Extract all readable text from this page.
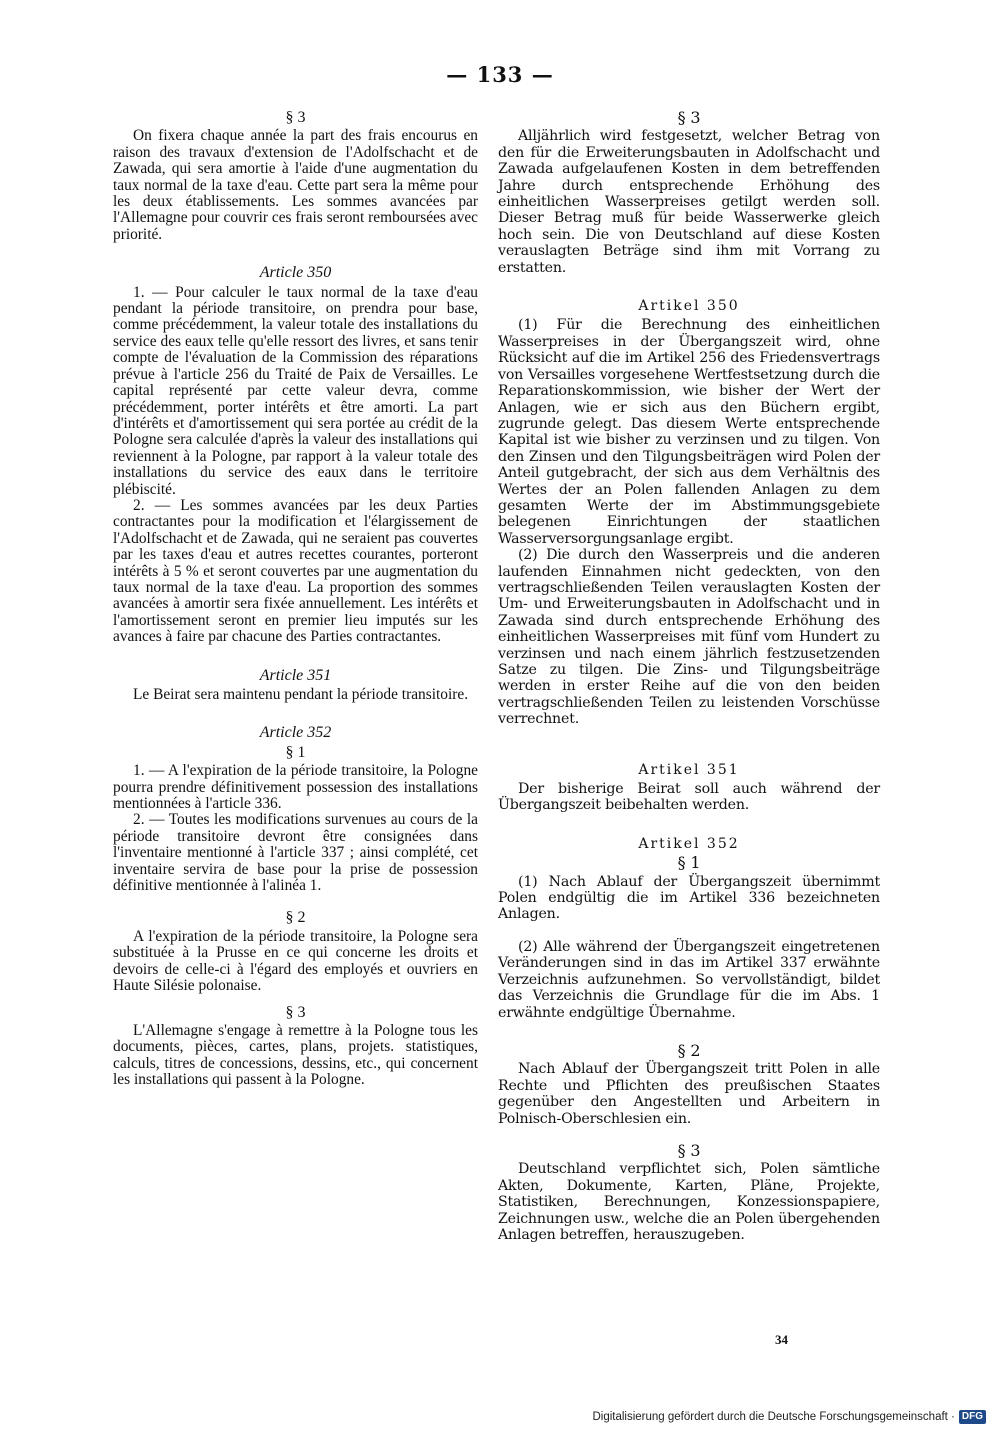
— 133 —
§ 3

On fixera chaque année la part des frais encourus en raison des travaux d'extension de l'Adolfschacht et de Zawada, qui sera amortie à l'aide d'une augmentation du taux normal de la taxe d'eau. Cette part sera la même pour les deux établissements. Les sommes avancées par l'Allemagne pour couvrir ces frais seront remboursées avec priorité.

Article 350

1. — Pour calculer le taux normal de la taxe d'eau pendant la période transitoire, on prendra pour base, comme précédemment, la valeur totale des installations du service des eaux telle qu'elle ressort des livres, et sans tenir compte de l'évaluation de la Commission des réparations prévue à l'article 256 du Traité de Paix de Versailles. Le capital représenté par cette valeur devra, comme précédemment, porter intérêts et être amorti. La part d'intérêts et d'amortissement qui sera portée au crédit de la Pologne sera calculée d'après la valeur des installations qui reviennent à la Pologne, par rapport à la valeur totale des installations du service des eaux dans le territoire plébiscité.

2. — Les sommes avancées par les deux Parties contractantes pour la modification et l'élargissement de l'Adolfschacht et de Zawada, qui ne seraient pas couvertes par les taxes d'eau et autres recettes courantes, porteront intérêts à 5 % et seront couvertes par une augmentation du taux normal de la taxe d'eau. La proportion des sommes avancées à amortir sera fixée annuellement. Les intérêts et l'amortissement seront en premier lieu imputés sur les avances à faire par chacune des Parties contractantes.

Article 351

Le Beirat sera maintenu pendant la période transitoire.

Article 352
§ 1

1. — A l'expiration de la période transitoire, la Pologne pourra prendre définitivement possession des installations mentionnées à l'article 336.

2. — Toutes les modifications survenues au cours de la période transitoire devront être consignées dans l'inventaire mentionné à l'article 337 ; ainsi complété, cet inventaire servira de base pour la prise de possession définitive mentionnée à l'alinéa 1.

§ 2

A l'expiration de la période transitoire, la Pologne sera substituée à la Prusse en ce qui concerne les droits et devoirs de celle-ci à l'égard des employés et ouvriers en Haute Silésie polonaise.

§ 3

L'Allemagne s'engage à remettre à la Pologne tous les documents, pièces, cartes, plans, projets. statistiques, calculs, titres de concessions, dessins, etc., qui concernent les installations qui passent à la Pologne.

§ 3

Alljährlich wird festgesetzt, welcher Betrag von den für die Erweiterungsbauten in Adolfschacht und Zawada aufgelaufenen Kosten in dem betreffenden Jahre durch entsprechende Erhöhung des einheitlichen Wasserpreises getilgt werden soll. Dieser Betrag muß für beide Wasserwerke gleich hoch sein. Die von Deutschland auf diese Kosten verauslagten Beträge sind ihm mit Vorrang zu erstatten.

Artikel 350

(1) Für die Berechnung des einheitlichen Wasserpreises in der Übergangszeit wird, ohne Rücksicht auf die im Artikel 256 des Friedensvertrags von Versailles vorgesehene Wertfestsetzung durch die Reparationskommission, wie bisher der Wert der Anlagen, wie er sich aus den Büchern ergibt, zugrunde gelegt. Das diesem Werte entsprechende Kapital ist wie bisher zu verzinsen und zu tilgen. Von den Zinsen und den Tilgungsbeiträgen wird Polen der Anteil gutgebracht, der sich aus dem Verhältnis des Wertes der an Polen fallenden Anlagen zu dem gesamten Werte der im Abstimmungsgebiete belegenen Einrichtungen der staatlichen Wasserversorgungsanlage ergibt.

(2) Die durch den Wasserpreis und die anderen laufenden Einnahmen nicht gedeckten, von den vertragschließenden Teilen verauslagten Kosten der Um- und Erweiterungsbauten in Adolfschacht und in Zawada sind durch entsprechende Erhöhung des einheitlichen Wasserpreises mit fünf vom Hundert zu verzinsen und nach einem jährlich festzusetzenden Satze zu tilgen. Die Zins- und Tilgungsbeiträge werden in erster Reihe auf die von den beiden vertragschließenden Teilen zu leistenden Vorschüsse verrechnet.

Artikel 351

Der bisherige Beirat soll auch während der Übergangszeit beibehalten werden.

Artikel 352
§ 1

(1) Nach Ablauf der Übergangszeit übernimmt Polen endgültig die im Artikel 336 bezeichneten Anlagen.

(2) Alle während der Übergangszeit eingetretenen Veränderungen sind in das im Artikel 337 erwähnte Verzeichnis aufzunehmen. So vervollständigt, bildet das Verzeichnis die Grundlage für die im Abs. 1 erwähnte endgültige Übernahme.

§ 2

Nach Ablauf der Übergangszeit tritt Polen in alle Rechte und Pflichten des preußischen Staates gegenüber den Angestellten und Arbeitern in Polnisch-Oberschlesien ein.

§ 3

Deutschland verpflichtet sich, Polen sämtliche Akten, Dokumente, Karten, Pläne, Projekte, Statistiken, Berechnungen, Konzessionspapiere, Zeichnungen usw., welche die an Polen übergehenden Anlagen betreffen, herauszugeben.

34
Digitalisierung gefördert durch die Deutsche Forschungsgemeinschaft · DFG
